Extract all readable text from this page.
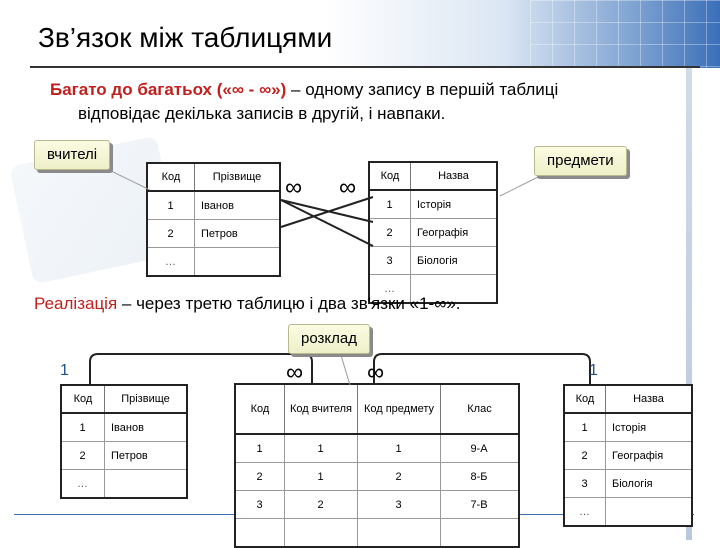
Зв’язок між таблицями
Багато до багатьох («∞ - ∞») – одному запису в першій таблиці
відповідає декілька записів в другій, і навпаки.
Код	Прізвище
1	Іванов
2	Петров
…	
Код	Назва
1	Історія
2	Географія
3	Біологія
…	
Код	Прізвище
1	Іванов
2	Петров
…	
Код	Код вчителя	Код предмету	Клас
1	1	1	9-А
2	1	2	8-Б
3	2	3	7-В

Код	Назва
1	Історія
2	Географія
3	Біологія
…	
∞ ∞
∞	∞
1	1
вчителі	предмети
розклад
Реалізація – через третю таблицю і два зв'язки «1-∞».
